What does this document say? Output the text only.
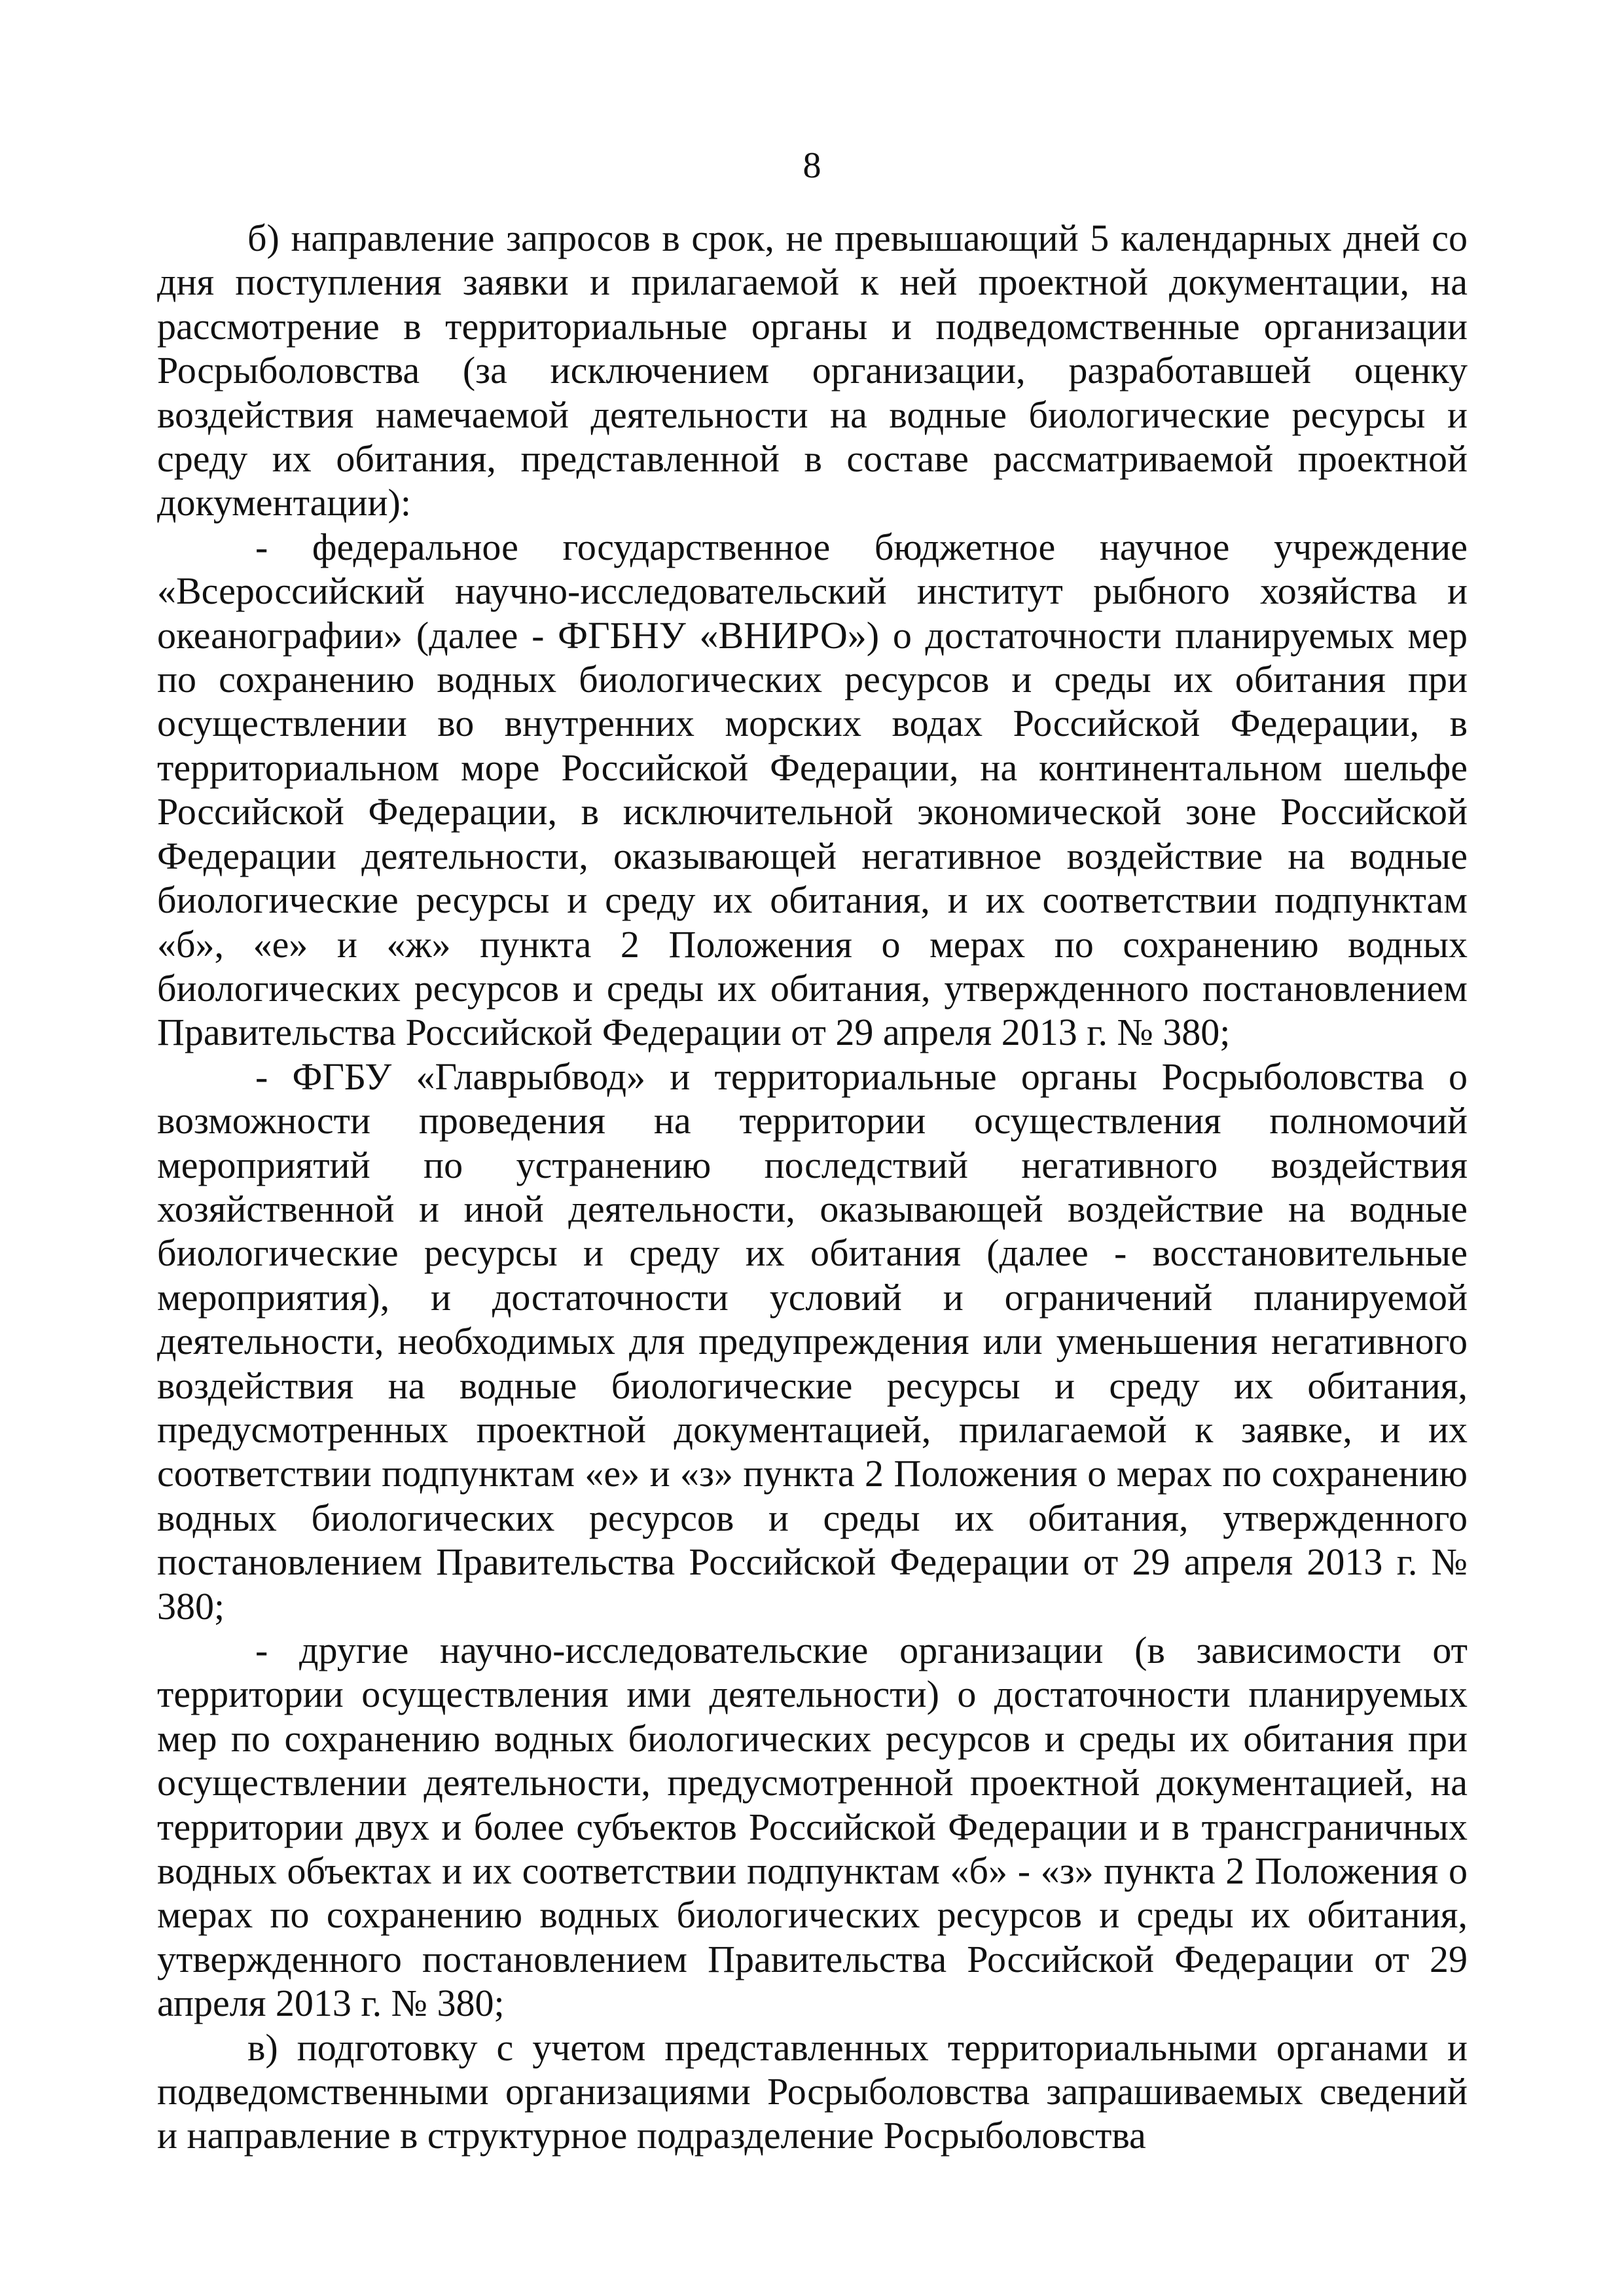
8

б) направление запросов в срок, не превышающий 5 календарных дней со дня поступления заявки и прилагаемой к ней проектной документации, на рассмотрение в территориальные органы и подведомственные организации Росрыболовства (за исключением организации, разработавшей оценку воздействия намечаемой деятельности на водные биологические ресурсы и среду их обитания, представленной в составе рассматриваемой проектной документации):

- федеральное государственное бюджетное научное учреждение «Всероссийский научно-исследовательский институт рыбного хозяйства и океанографии» (далее - ФГБНУ «ВНИРО») о достаточности планируемых мер по сохранению водных биологических ресурсов и среды их обитания при осуществлении во внутренних морских водах Российской Федерации, в территориальном море Российской Федерации, на континентальном шельфе Российской Федерации, в исключительной экономической зоне Российской Федерации деятельности, оказывающей негативное воздействие на водные биологические ресурсы и среду их обитания, и их соответствии подпунктам «б», «е» и «ж» пункта 2 Положения о мерах по сохранению водных биологических ресурсов и среды их обитания, утвержденного постановлением Правительства Российской Федерации от 29 апреля 2013 г. № 380;

- ФГБУ «Главрыбвод» и территориальные органы Росрыболовства о возможности проведения на территории осуществления полномочий мероприятий по устранению последствий негативного воздействия хозяйственной и иной деятельности, оказывающей воздействие на водные биологические ресурсы и среду их обитания (далее - восстановительные мероприятия), и достаточности условий и ограничений планируемой деятельности, необходимых для предупреждения или уменьшения негативного воздействия на водные биологические ресурсы и среду их обитания, предусмотренных проектной документацией, прилагаемой к заявке, и их соответствии подпунктам «е» и «з» пункта 2 Положения о мерах по сохранению водных биологических ресурсов и среды их обитания, утвержденного постановлением Правительства Российской Федерации от 29 апреля 2013 г. № 380;

- другие научно-исследовательские организации (в зависимости от территории осуществления ими деятельности) о достаточности планируемых мер по сохранению водных биологических ресурсов и среды их обитания при осуществлении деятельности, предусмотренной проектной документацией, на территории двух и более субъектов Российской Федерации и в трансграничных водных объектах и их соответствии подпунктам «б» - «з» пункта 2 Положения о мерах по сохранению водных биологических ресурсов и среды их обитания, утвержденного постановлением Правительства Российской Федерации от 29 апреля 2013 г. № 380;

в) подготовку с учетом представленных территориальными органами и подведомственными организациями Росрыболовства запрашиваемых сведений и направление в структурное подразделение Росрыболовства
